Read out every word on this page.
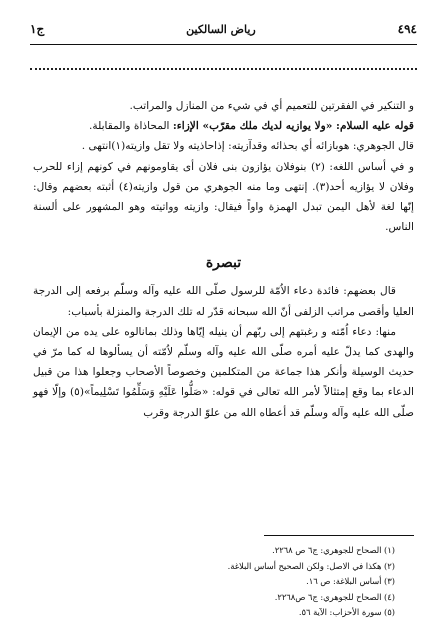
٤٩٤
رياض السالكين
ج١

و التنكير في الفقرتين للتعميم أي في شيء من المنازل والمراتب.

قوله عليه السلام: «ولا يوازيه لديك ملك مقرّب» الإزاء: المحاذاة والمقابلة.

قال الجوهري: هوبازائه أي بحذائه وقدآزيته: إذاحاذيته ولا تقل وازيته(١)انتهى .

و في أساس اللغه: (٢) بنوفلان يؤازون بنى فلان أى يقاومونهم في كونهم إزاء للحرب وفلان لا يؤازيه أحد(٣). إنتهى وما منه الجوهري من قول وازيته(٤) أثبته بعضهم وقال: إنّها لغة لأهل اليمن تبدل الهمزة واواً فيقال: وازيته وواتيته وهو المشهور على ألسنة الناس.

تبصرة

قال بعضهم: فائدة دعاء الاُمّة للرسول صلّى الله عليه وآله وسلّم برفعه إلى الدرجة العليا وأقصى مراتب الزلفى أنّ الله سبحانه قدّر له تلك الدرجة والمنزلة بأسباب:

منها: دعاء اُمّته و رغبتهم إلى ربّهم أن ينيله إيّاها وذلك بمانالوه على يده من الإيمان والهدى كما يدلّ عليه أمره صلّى الله عليه وآله وسلّم لاُمّته أن يسألوها له كما مرّ في حديث الوسيلة وأنكر هذا جماعة من المتكلمين وخصوصاً الأصحاب وجعلوا هذا من قبيل الدعاء بما وقع إمتثالاً لأمر الله تعالى في قوله: «صَلُّوا عَلَيْهِ وَسَلِّمُوا تَسْلِيماً»(٥) وإلّا فهو صلّى الله عليه وآله وسلّم قد أعطاه الله من علوّ الدرجة وقرب

(١) الصحاح للجوهري: ج٦ ص ٢٢٦٨.

(٢) هكذا في الاصل: ولكن الصحيح أساس البلاغة.

(٣) أساس البلاغة: ص ١٦.

(٤) الصحاح للجوهري: ج٦ ص٢٢٦٨.

(٥) سورة الأحزاب: الآية ٥٦.
